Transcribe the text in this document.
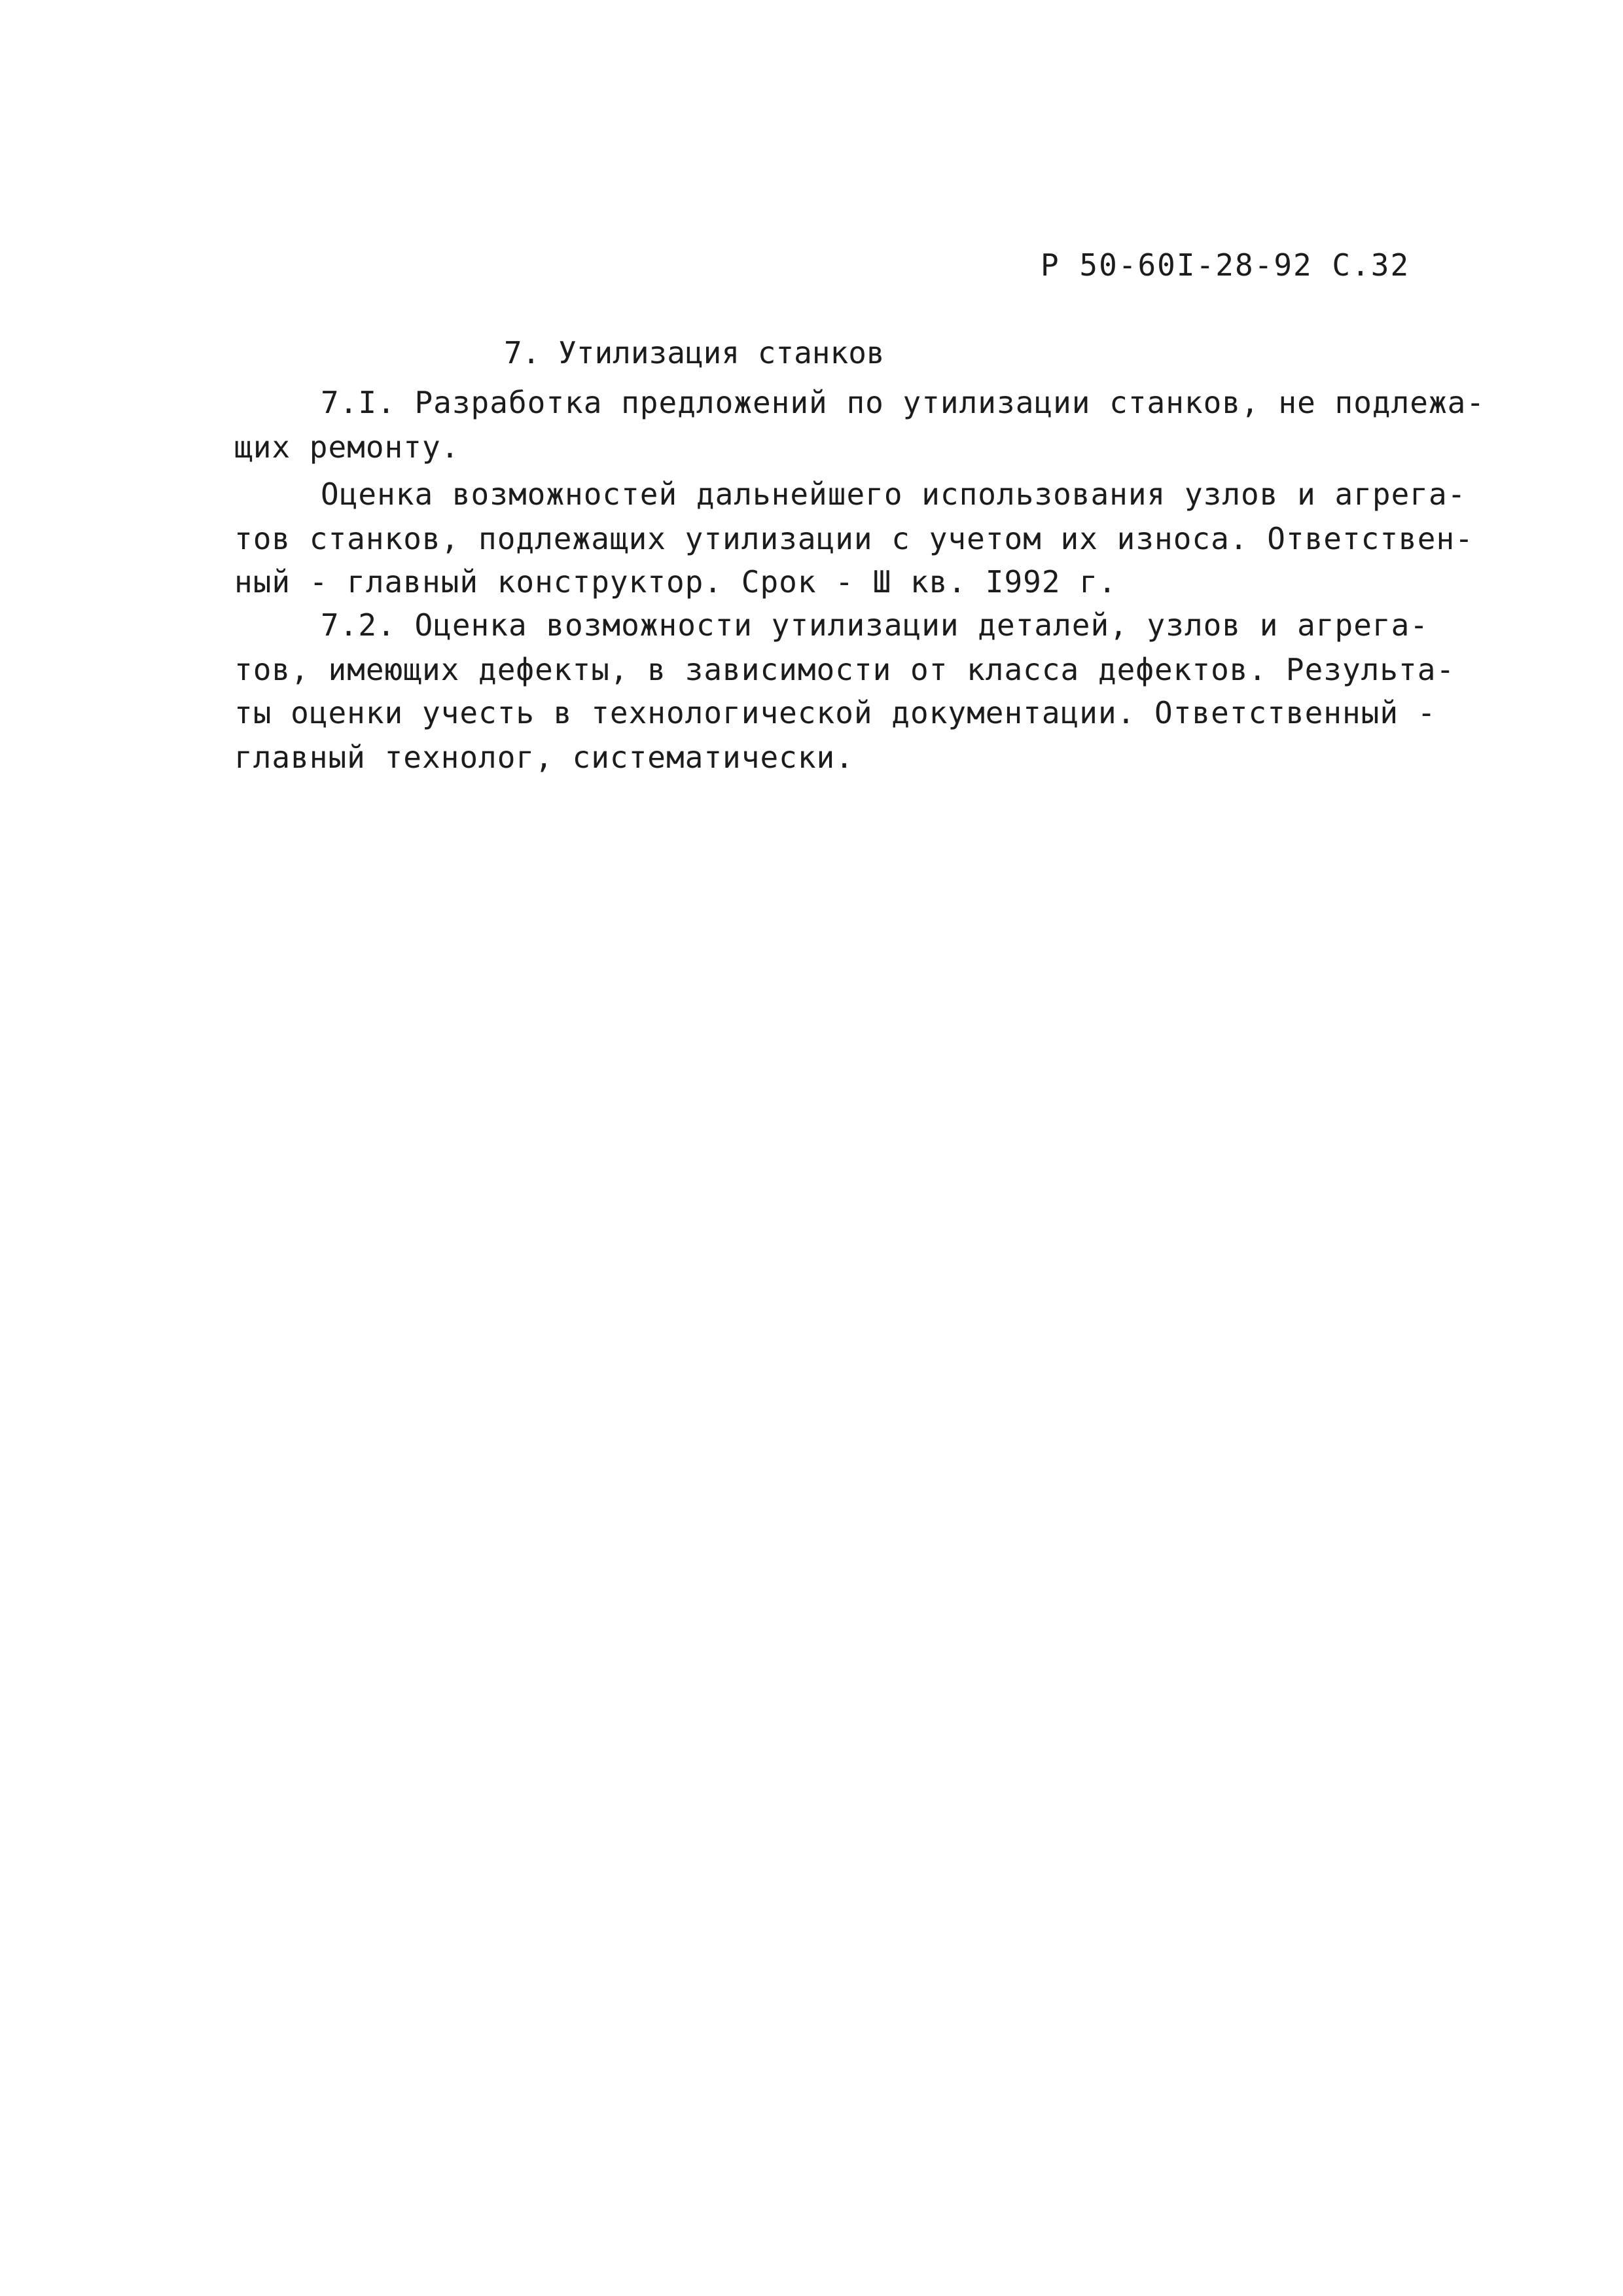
Р 50-60I-28-92 С.32
7. Утилизация станков
7.I. Разработка предложений по утилизации станков, не подлежа-
щих ремонту.
Оценка возможностей дальнейшего использования узлов и агрега-
тов станков, подлежащих утилизации с учетом их износа. Ответствен-
ный - главный конструктор. Срок - Ш кв. I992 г.
7.2. Оценка возможности утилизации деталей, узлов и агрега-
тов, имеющих дефекты, в зависимости от класса дефектов. Результа-
ты оценки учесть в технологической документации. Ответственный -
главный технолог, систематически.
